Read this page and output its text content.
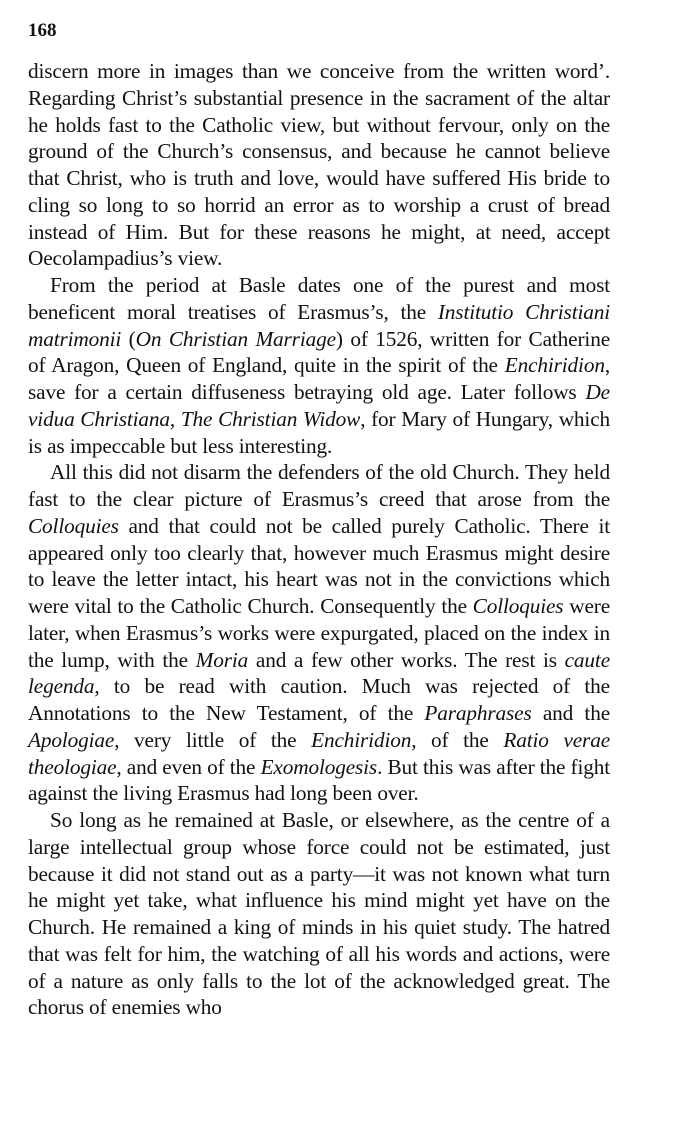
168

discern more in images than we conceive from the written word’. Regarding Christ’s substantial presence in the sacrament of the altar he holds fast to the Catholic view, but without fervour, only on the ground of the Church’s consensus, and because he cannot believe that Christ, who is truth and love, would have suffered His bride to cling so long to so horrid an error as to worship a crust of bread instead of Him. But for these reasons he might, at need, accept Oecolampadius’s view.

From the period at Basle dates one of the purest and most beneficent moral treatises of Erasmus’s, the Institutio Christiani matrimonii (On Christian Marriage) of 1526, written for Catherine of Aragon, Queen of England, quite in the spirit of the Enchiridion, save for a certain diffuseness betraying old age. Later follows De vidua Christiana, The Christian Widow, for Mary of Hungary, which is as impeccable but less interesting.

All this did not disarm the defenders of the old Church. They held fast to the clear picture of Erasmus’s creed that arose from the Colloquies and that could not be called purely Catholic. There it appeared only too clearly that, however much Erasmus might desire to leave the letter intact, his heart was not in the convictions which were vital to the Catholic Church. Consequently the Colloquies were later, when Erasmus’s works were expurgated, placed on the index in the lump, with the Moria and a few other works. The rest is caute legenda, to be read with caution. Much was rejected of the Annotations to the New Testament, of the Paraphrases and the Apologiae, very little of the Enchiridion, of the Ratio verae theologiae, and even of the Exomologesis. But this was after the fight against the living Erasmus had long been over.

So long as he remained at Basle, or elsewhere, as the centre of a large intellectual group whose force could not be estimated, just because it did not stand out as a party—it was not known what turn he might yet take, what influence his mind might yet have on the Church. He remained a king of minds in his quiet study. The hatred that was felt for him, the watching of all his words and actions, were of a nature as only falls to the lot of the acknowledged great. The chorus of enemies who
